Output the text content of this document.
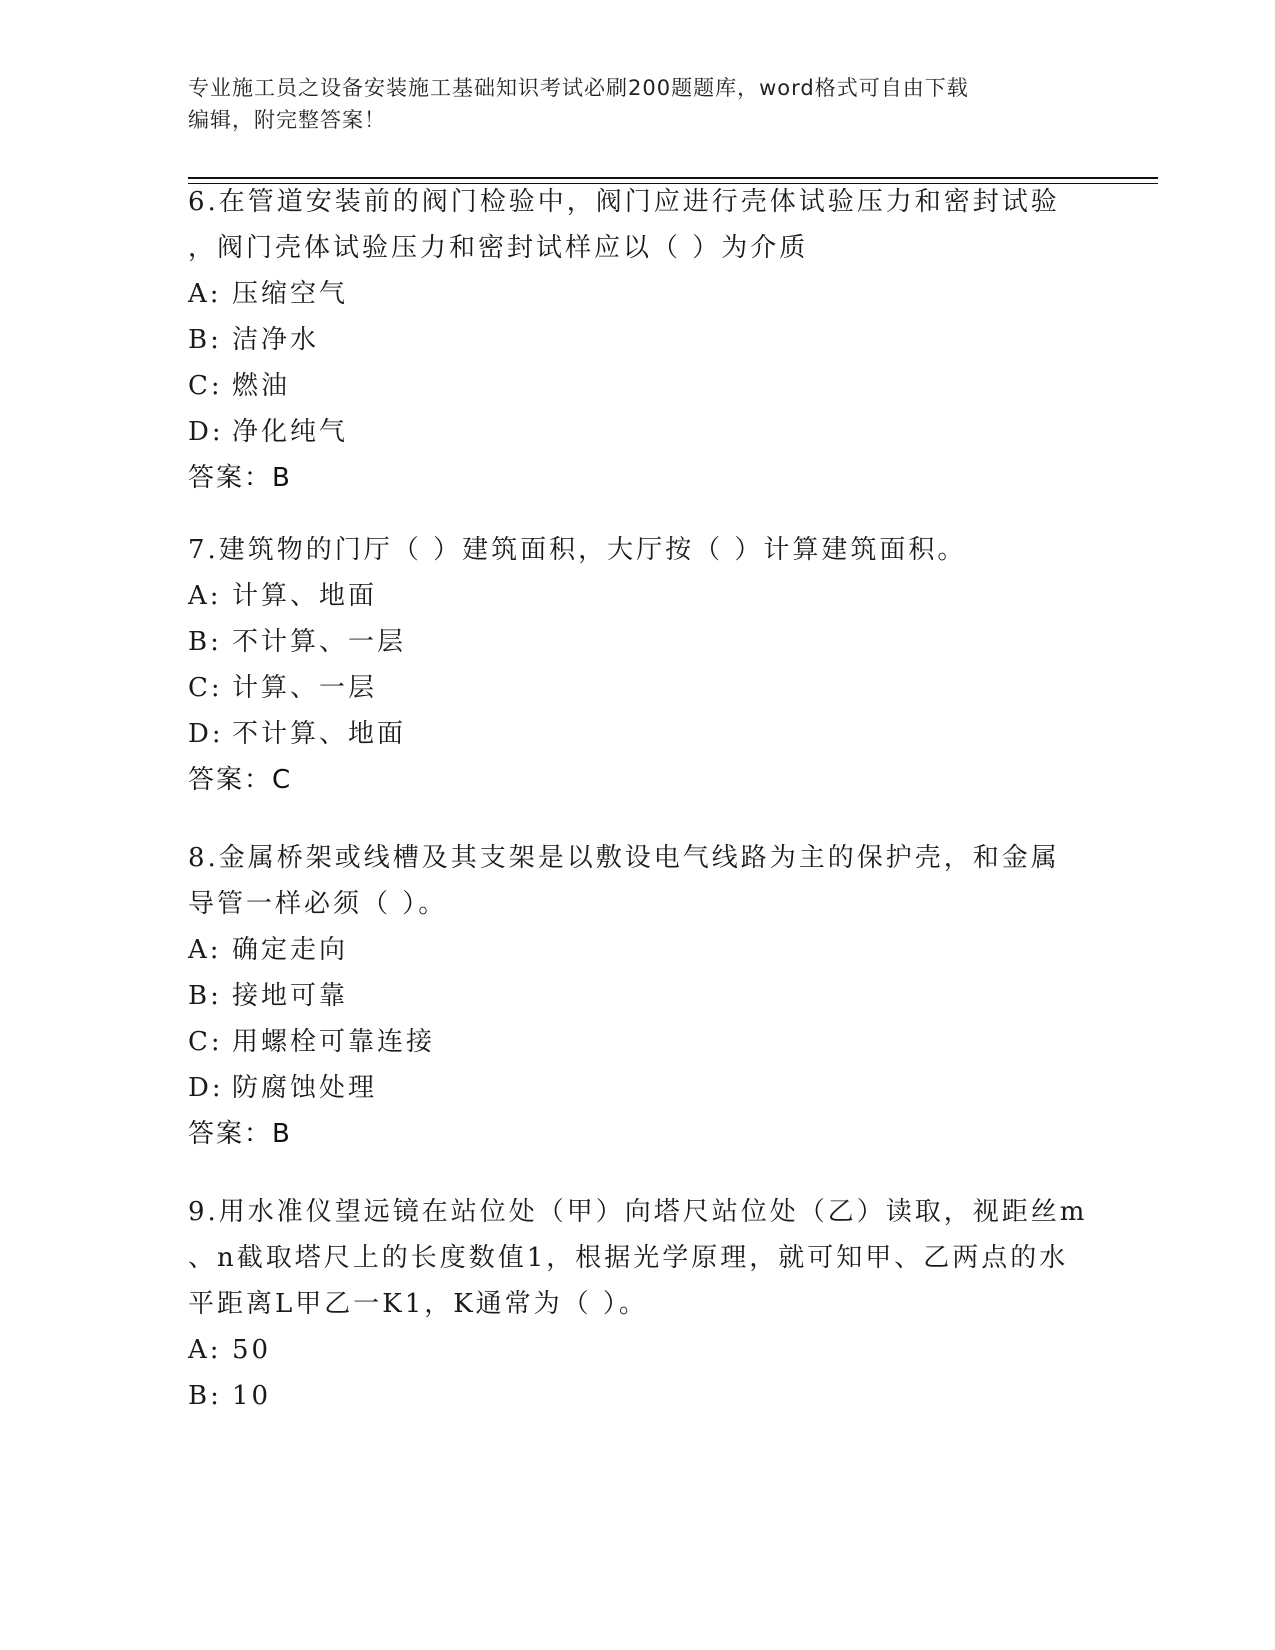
专业施工员之设备安装施工基础知识考试必刷200题题库，word格式可自由下载
编辑，附完整答案！

6.在管道安装前的阀门检验中，阀门应进行壳体试验压力和密封试验

，阀门壳体试验压力和密封试样应以（ ）为介质

A: 压缩空气
B: 洁净水
C: 燃油
D: 净化纯气
答案：B

7.建筑物的门厅（ ）建筑面积，大厅按（ ）计算建筑面积。

A: 计算、地面
B: 不计算、一层
C: 计算、一层
D: 不计算、地面
答案：C

8.金属桥架或线槽及其支架是以敷设电气线路为主的保护壳，和金属

导管一样必须（ ）。

A: 确定走向
B: 接地可靠
C: 用螺栓可靠连接
D: 防腐蚀处理
答案：B

9.用水准仪望远镜在站位处（甲）向塔尺站位处（乙）读取，视距丝m

、n截取塔尺上的长度数值1，根据光学原理，就可知甲、乙两点的水

平距离L甲乙一K1，K通常为（ ）。

A: 50
B: 10
